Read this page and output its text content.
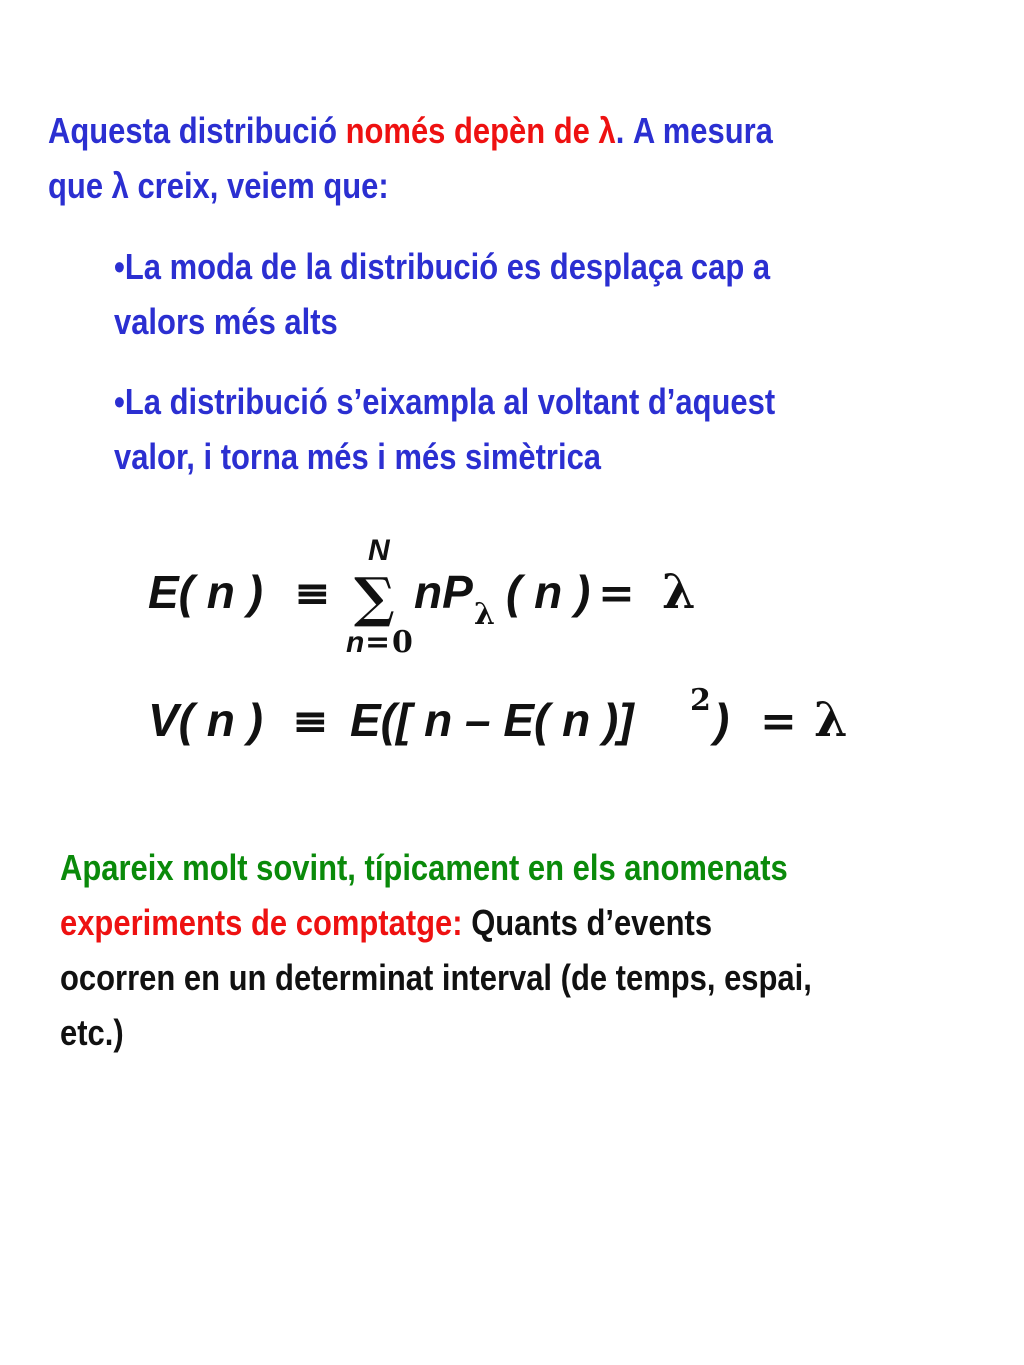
Aquesta distribució només depèn de λ. A mesura
que λ creix, veiem que:
•La moda de la distribució es desplaça cap a
valors més alts
•La distribució s’eixampla al voltant d’aquest
valor, i torna més i més simètrica
E( n ) ≡
N
∑
n = 0
nP λ ( n ) = λ
V( n ) ≡ E([ n – E( n )] 2 ) = λ
Apareix molt sovint, típicament en els anomenats
experiments de comptatge: Quants d’events
ocorren en un determinat interval (de temps, espai,
etc.)
